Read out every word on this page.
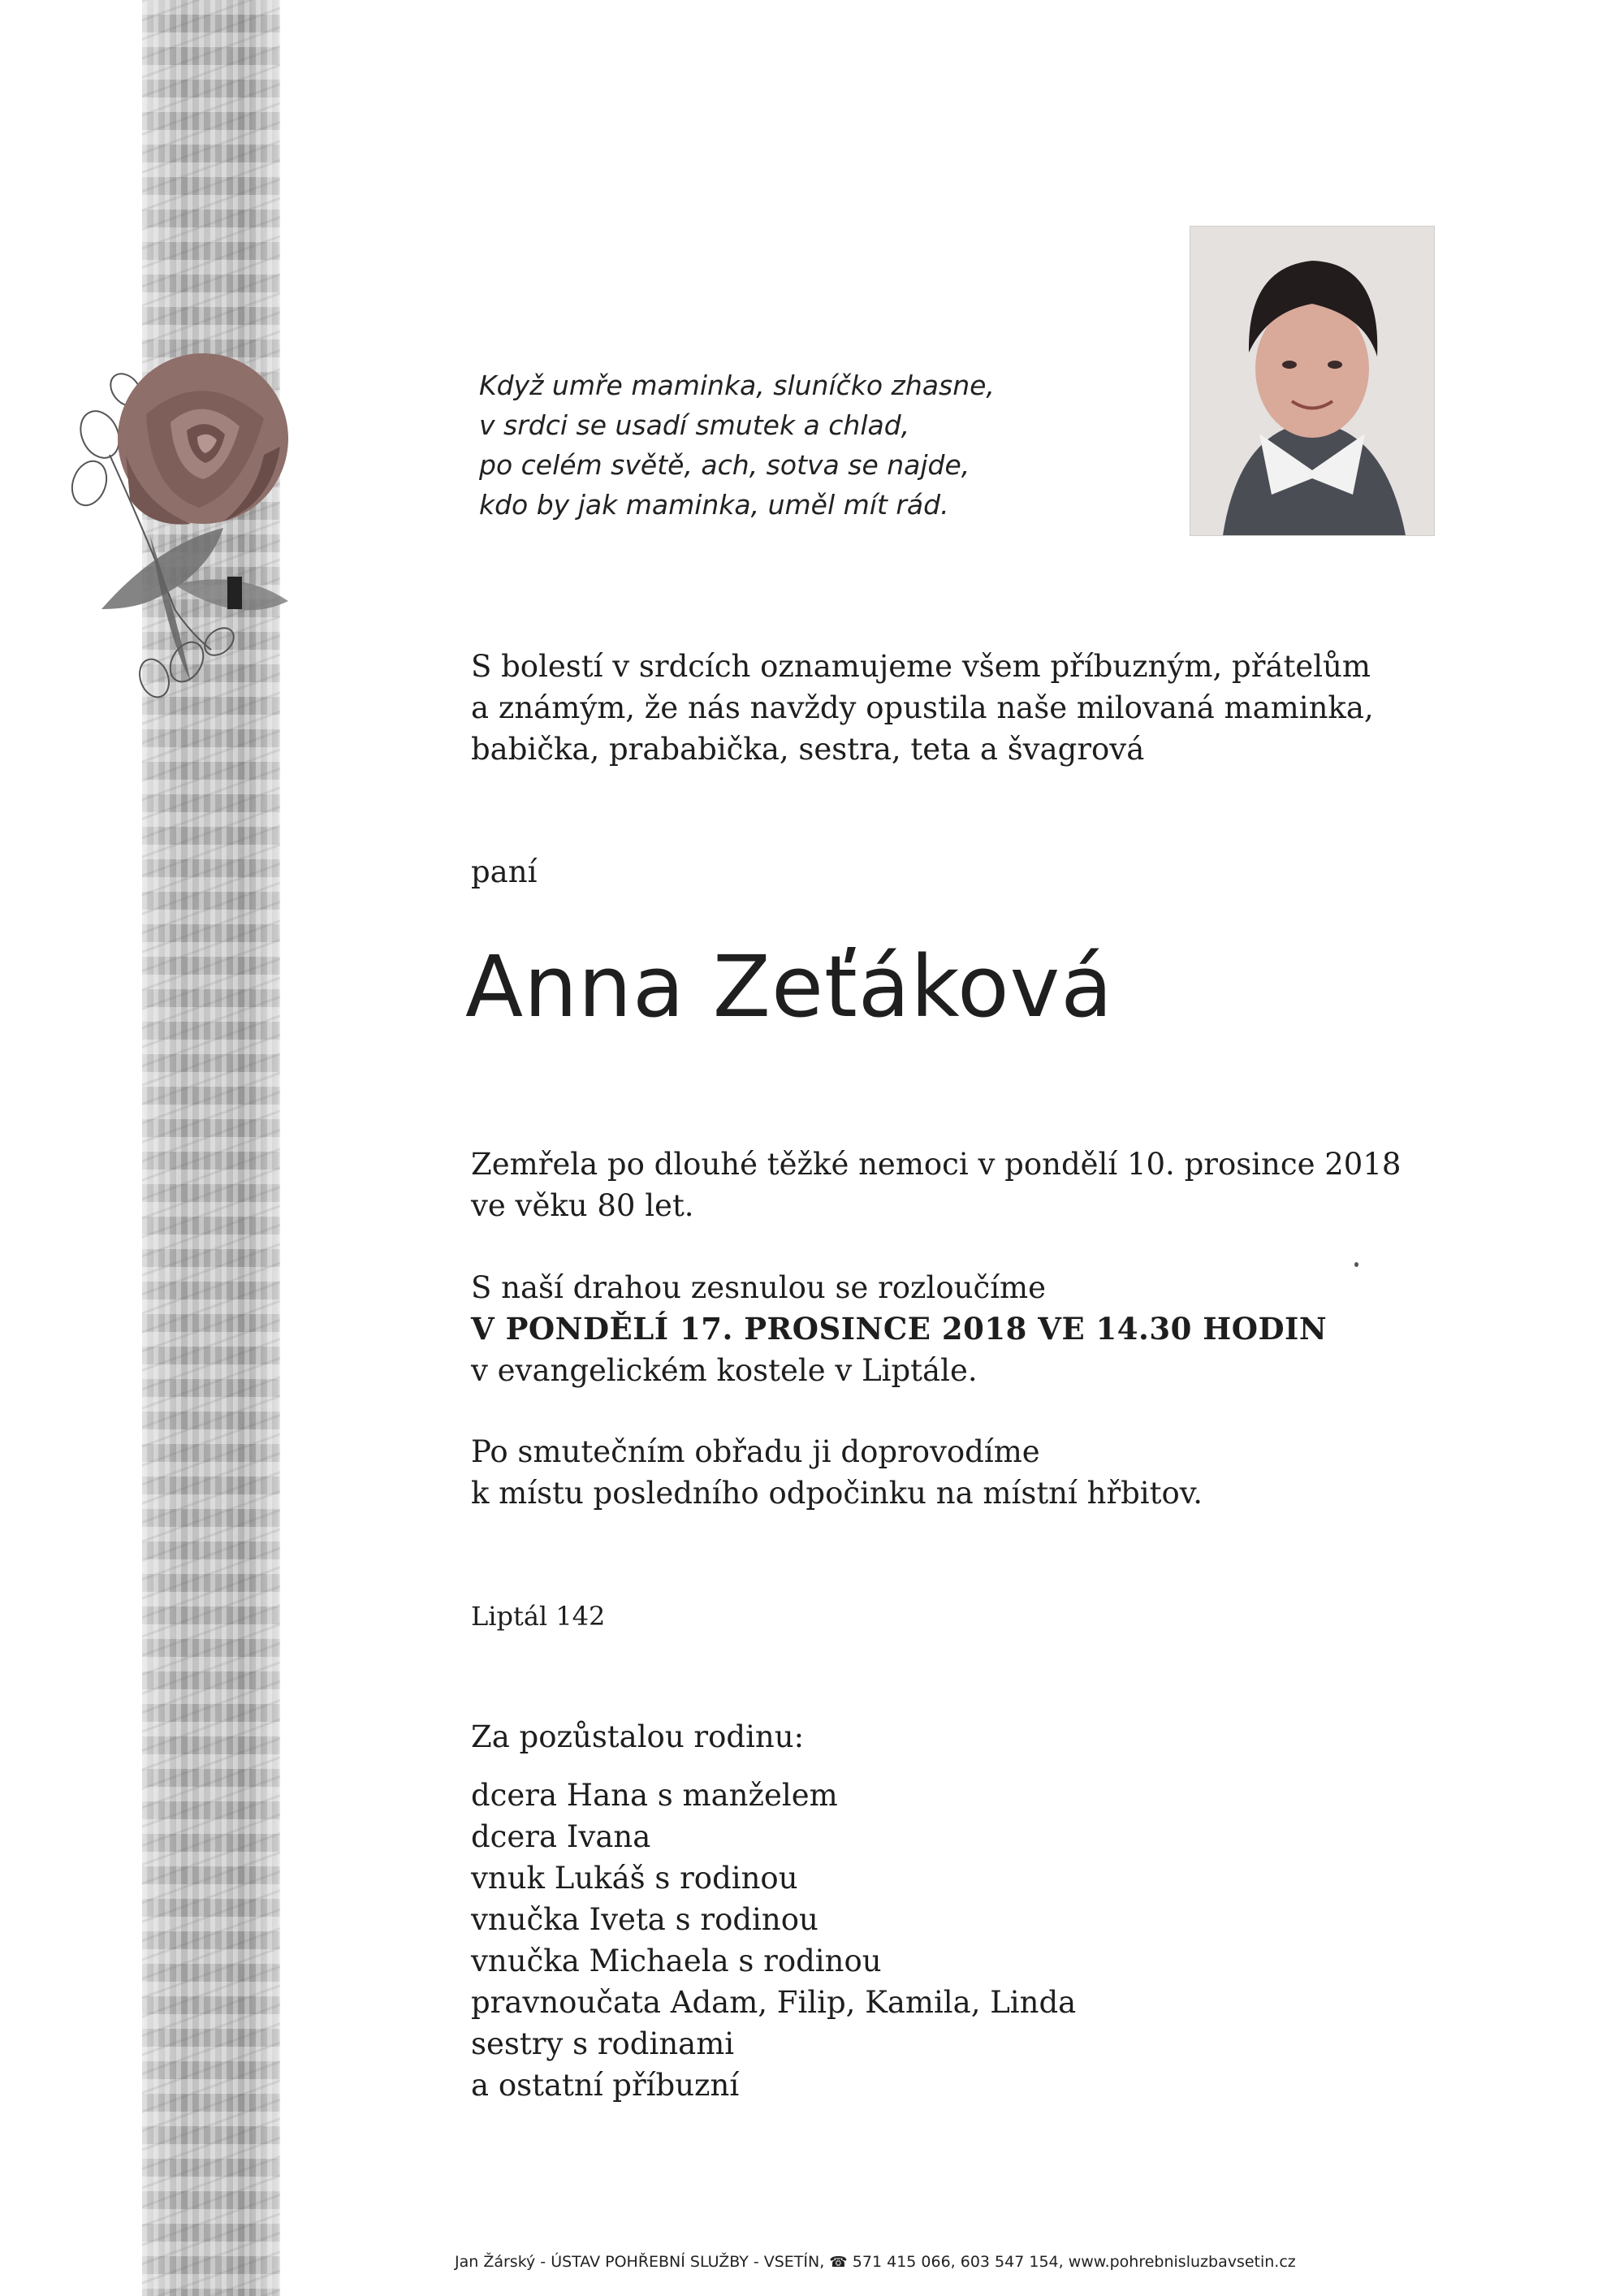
Když umře maminka, sluníčko zhasne,
v srdci se usadí smutek a chlad,
po celém světě, ach, sotva se najde,
kdo by jak maminka, uměl mít rád.
S bolestí v srdcích oznamujeme všem příbuzným, přátelům
a známým, že nás navždy opustila naše milovaná maminka,
babička, prababička, sestra, teta a švagrová
paní
Anna Zeťáková
Zemřela po dlouhé těžké nemoci v pondělí 10. prosince 2018
ve věku 80 let.
S naší drahou zesnulou se rozloučíme
V PONDĚLÍ 17. PROSINCE 2018 VE 14.30 HODIN
v evangelickém kostele v Liptále.
Po smutečním obřadu ji doprovodíme
k místu posledního odpočinku na místní hřbitov.
Liptál 142
Za pozůstalou rodinu:
dcera Hana s manželem
dcera Ivana
vnuk Lukáš s rodinou
vnučka Iveta s rodinou
vnučka Michaela s rodinou
pravnoučata Adam, Filip, Kamila, Linda
sestry s rodinami
a ostatní příbuzní
Jan Žárský - ÚSTAV POHŘEBNÍ SLUŽBY - VSETÍN, ☎ 571 415 066, 603 547 154, www.pohrebnisluzbavsetin.cz
